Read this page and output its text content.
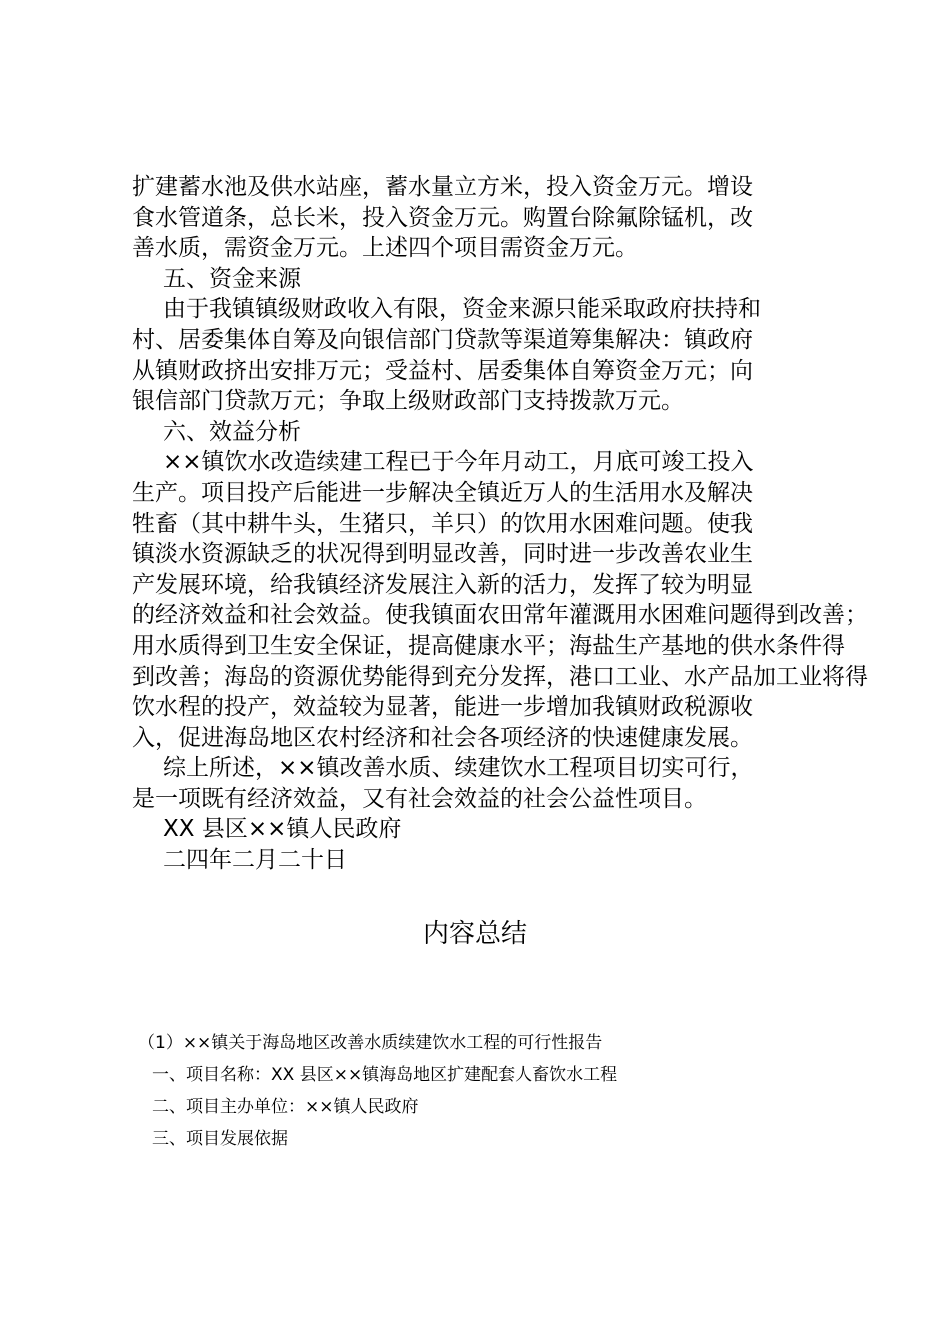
扩建蓄水池及供水站座，蓄水量立方米，投入资金万元。增设
食水管道条，总长米，投入资金万元。购置台除氟除锰机，改
善水质，需资金万元。上述四个项目需资金万元。
五、资金来源
由于我镇镇级财政收入有限，资金来源只能采取政府扶持和
村、居委集体自筹及向银信部门贷款等渠道筹集解决：镇政府
从镇财政挤出安排万元；受益村、居委集体自筹资金万元；向
银信部门贷款万元；争取上级财政部门支持拨款万元。
六、效益分析
××镇饮水改造续建工程已于今年月动工，月底可竣工投入
生产。项目投产后能进一步解决全镇近万人的生活用水及解决
牲畜（其中耕牛头，生猪只，羊只）的饮用水困难问题。使我
镇淡水资源缺乏的状况得到明显改善，同时进一步改善农业生
产发展环境，给我镇经济发展注入新的活力，发挥了较为明显
的经济效益和社会效益。使我镇面农田常年灌溉用水困难问题得到改善；
用水质得到卫生安全保证，提高健康水平；海盐生产基地的供水条件得
到改善；海岛的资源优势能得到充分发挥，港口工业、水产品加工业将得
饮水程的投产，效益较为显著，能进一步增加我镇财政税源收
入，促进海岛地区农村经济和社会各项经济的快速健康发展。
综上所述，××镇改善水质、续建饮水工程项目切实可行，
是一项既有经济效益，又有社会效益的社会公益性项目。
XX 县区××镇人民政府
二四年二月二十日
内容总结
（1）××镇关于海岛地区改善水质续建饮水工程的可行性报告
一、项目名称：XX 县区××镇海岛地区扩建配套人畜饮水工程
二、项目主办单位：××镇人民政府
三、项目发展依据
